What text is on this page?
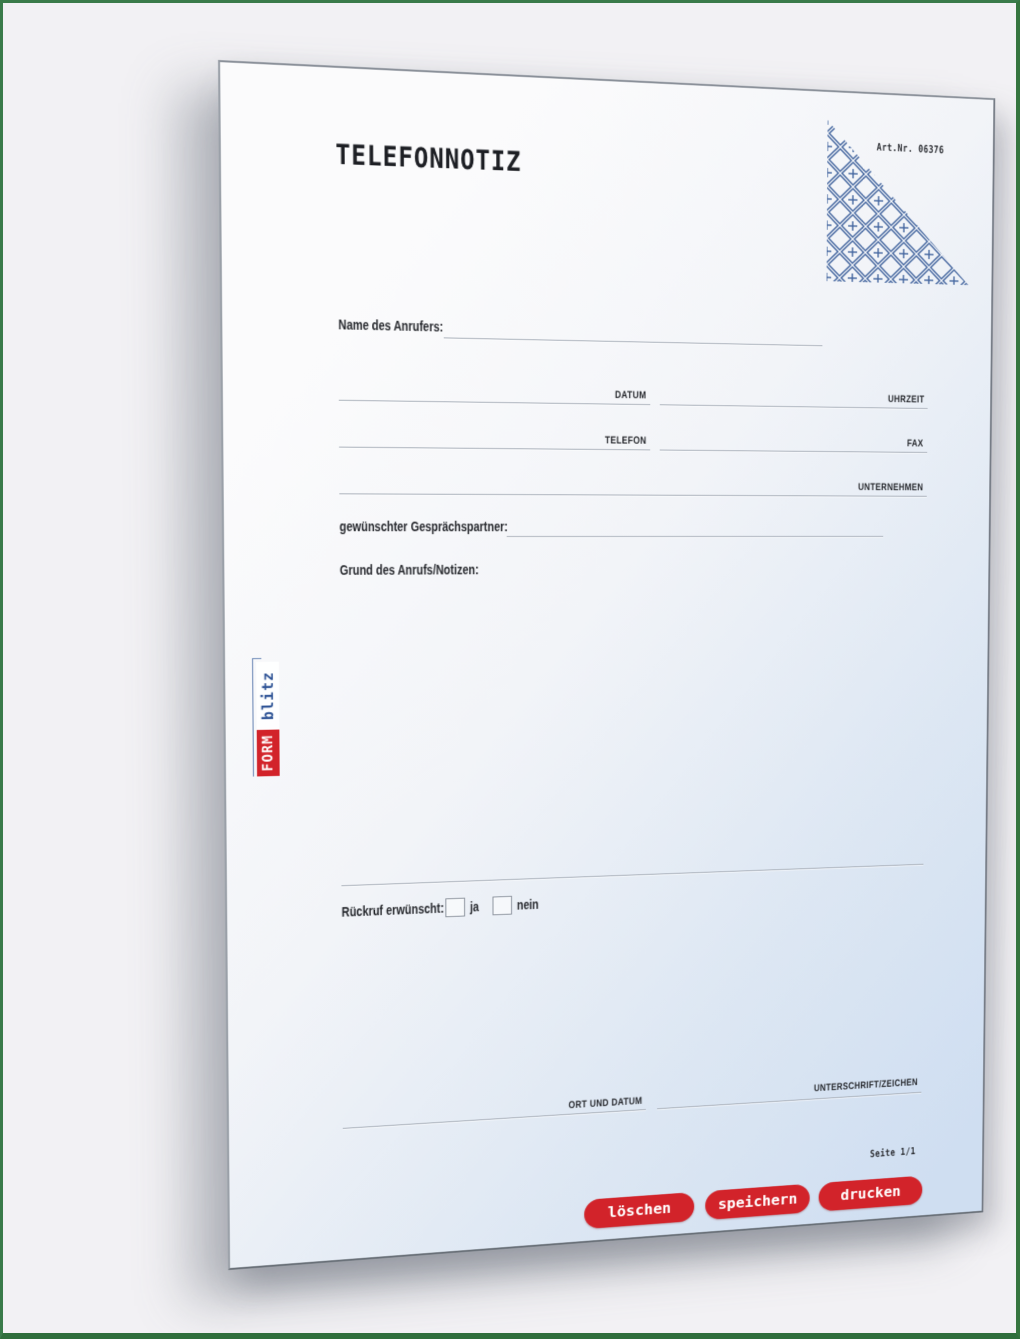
TELEFONNOTIZ	Art.Nr. 06376
Name des Anrufers:
DATUM	UHRZEIT
TELEFON	FAX
UNTERNEHMEN
gewünschter Gesprächspartner:
Grund des Anrufs/Notizen:
Rückruf erwünscht: ja	nein
ORT UND DATUM
UNTERSCHRIFT/ZEICHEN
Seite 1/1
löschen	speichern	drucken
blitz
FORM
